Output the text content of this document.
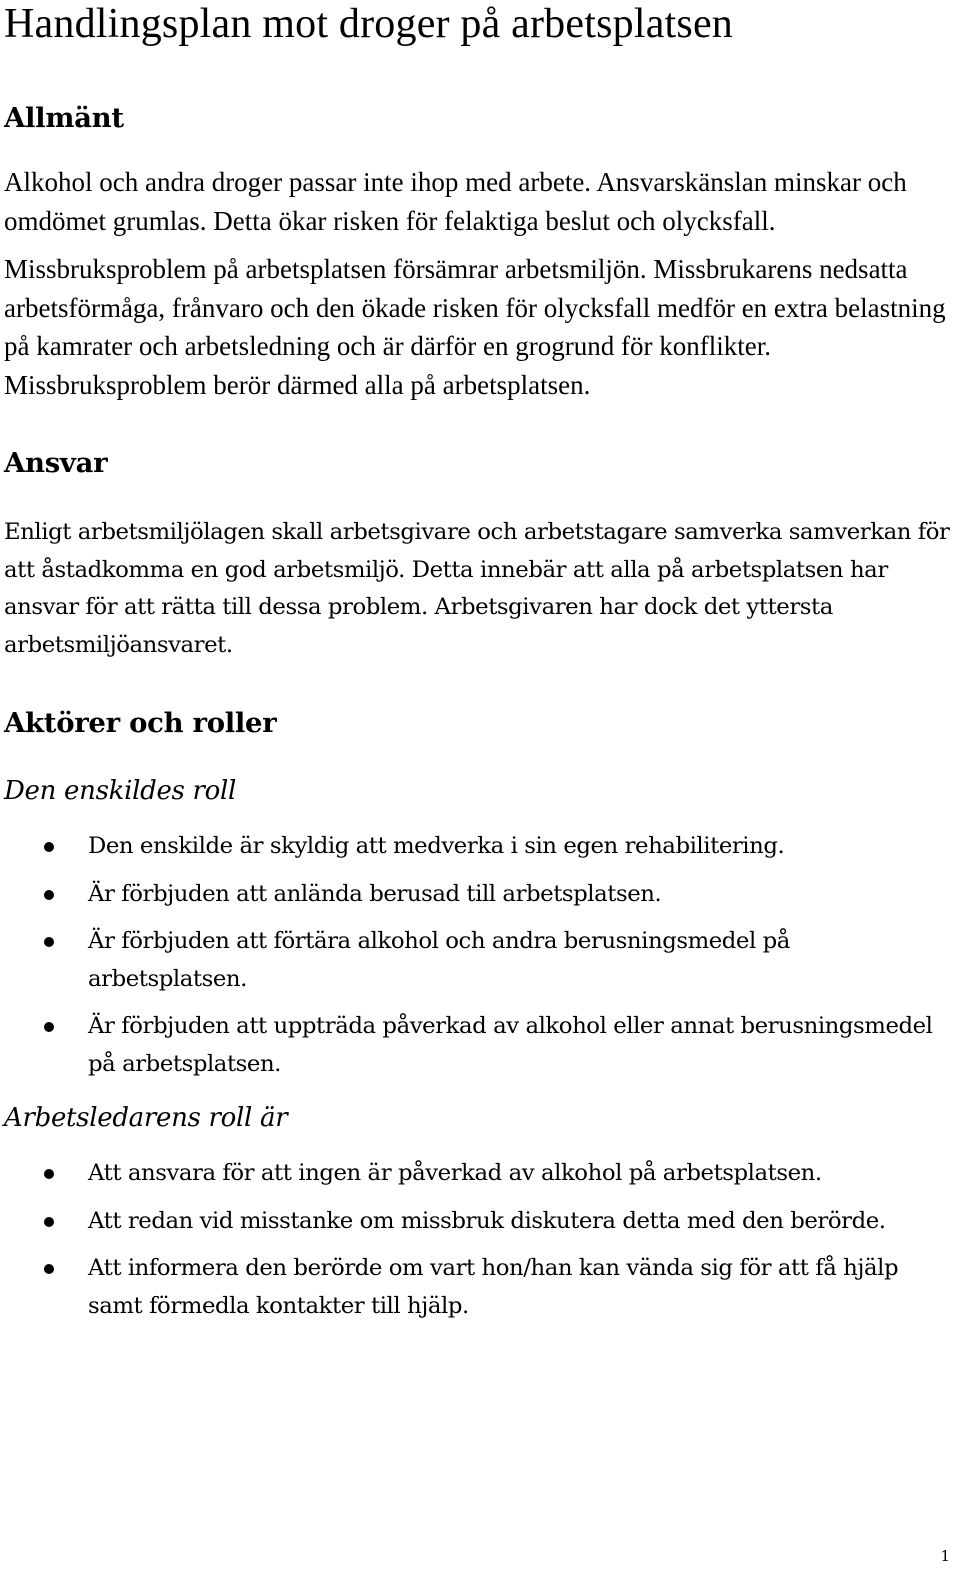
Handlingsplan mot droger på arbetsplatsen
Allmänt

Alkohol och andra droger passar inte ihop med arbete. Ansvarskänslan minskar och omdömet grumlas. Detta ökar risken för felaktiga beslut och olycksfall.

Missbruksproblem på arbetsplatsen försämrar arbetsmiljön. Missbrukarens nedsatta arbetsförmåga, frånvaro och den ökade risken för olycksfall medför en extra belastning på kamrater och arbetsledning och är därför en grogrund för konflikter. Missbruksproblem berör därmed alla på arbetsplatsen.

Ansvar

Enligt arbetsmiljölagen skall arbetsgivare och arbetstagare samverka samverkan för att åstadkomma en god arbetsmiljö. Detta innebär att alla på arbetsplatsen har ansvar för att rätta till dessa problem. Arbetsgivaren har dock det yttersta arbetsmiljöansvaret.

Aktörer och roller
Den enskildes roll
Den enskilde är skyldig att medverka i sin egen rehabilitering.
Är förbjuden att anlända berusad till arbetsplatsen.
Är förbjuden att förtära alkohol och andra berusningsmedel på arbetsplatsen.
Är förbjuden att uppträda påverkad av alkohol eller annat berusningsmedel på arbetsplatsen.
Arbetsledarens roll är
Att ansvara för att ingen är påverkad av alkohol på arbetsplatsen.
Att redan vid misstanke om missbruk diskutera detta med den berörde.
Att informera den berörde om vart hon/han kan vända sig för att få hjälp samt förmedla kontakter till hjälp.
1
